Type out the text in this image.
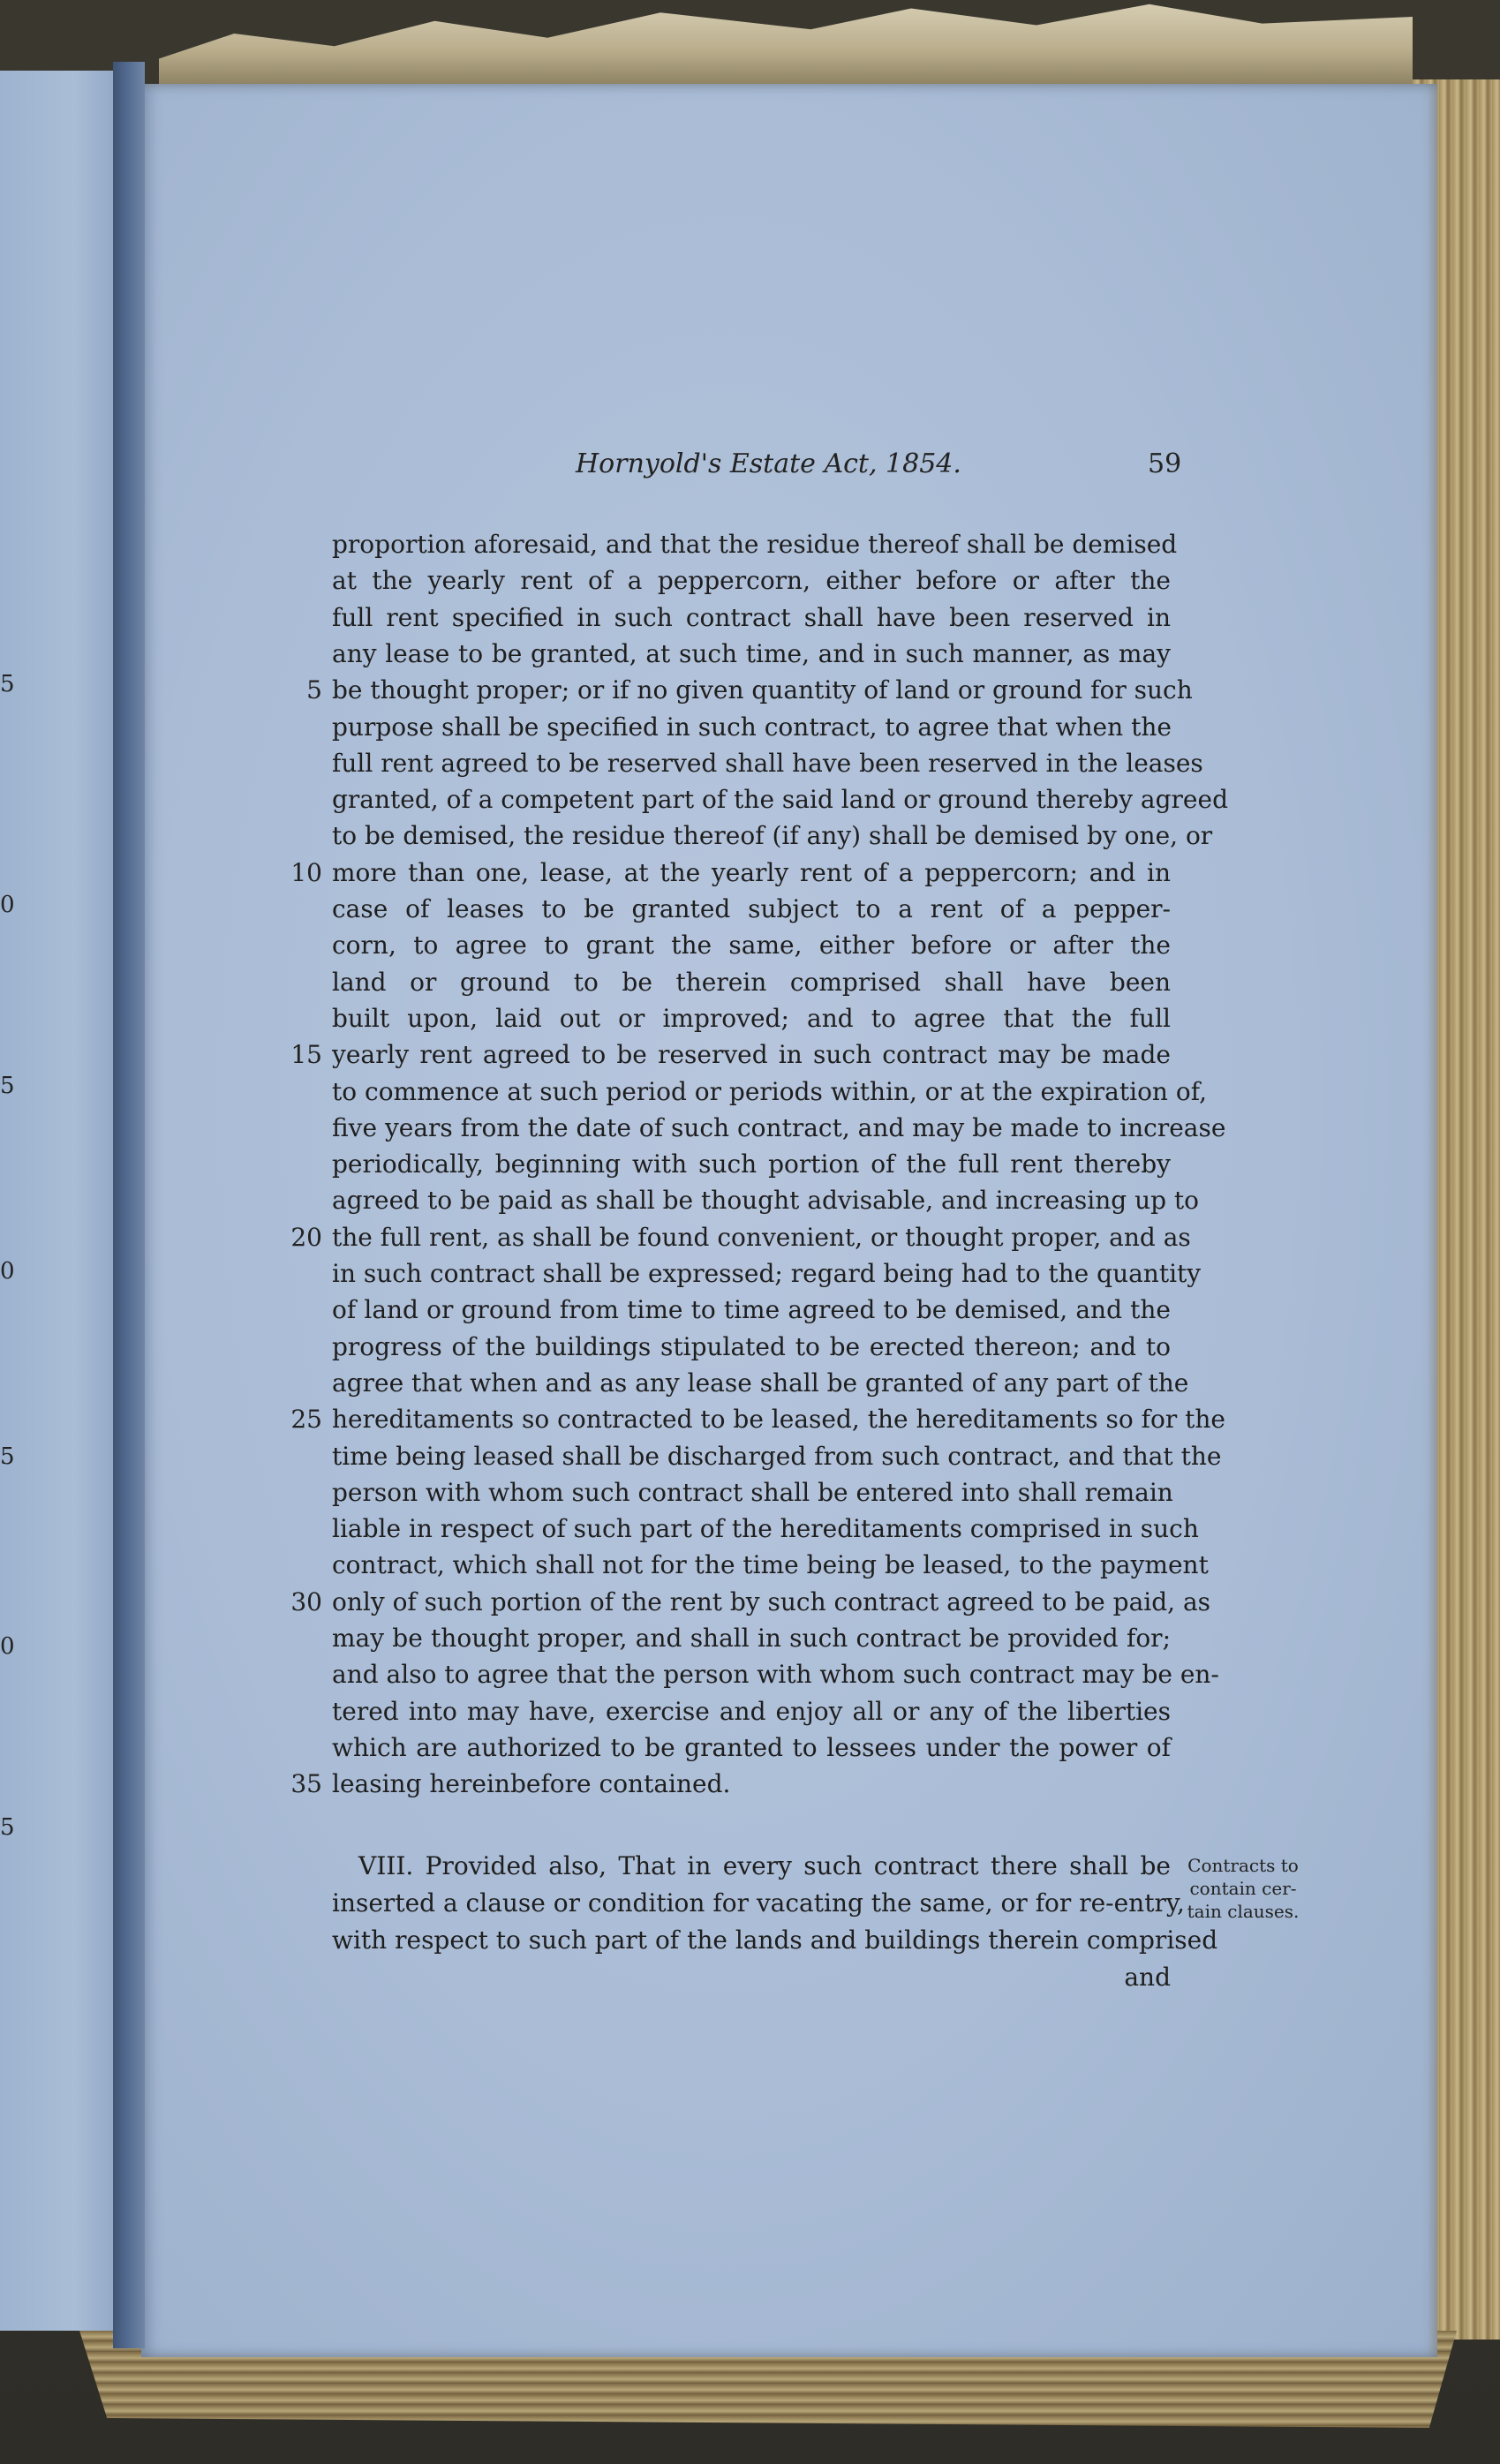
5
0
5
0
5
0
5
Hornyold's Estate Act, 1854.	59
proportion aforesaid, and that the residue thereof shall be demised
at the yearly rent of a peppercorn, either before or after the
full rent specified in such contract shall have been reserved in
any lease to be granted, at such time, and in such manner, as may
be thought proper; or if no given quantity of land or ground for such
5
purpose shall be specified in such contract, to agree that when the
full rent agreed to be reserved shall have been reserved in the leases
granted, of a competent part of the said land or ground thereby agreed
to be demised, the residue thereof (if any) shall be demised by one, or
more than one, lease, at the yearly rent of a peppercorn; and in
10
case of leases to be granted subject to a rent of a pepper-
corn, to agree to grant the same, either before or after the
land or ground to be therein comprised shall have been
built upon, laid out or improved; and to agree that the full
yearly rent agreed to be reserved in such contract may be made
15
to commence at such period or periods within, or at the expiration of,
five years from the date of such contract, and may be made to increase
periodically, beginning with such portion of the full rent thereby
agreed to be paid as shall be thought advisable, and increasing up to
the full rent, as shall be found convenient, or thought proper, and as
20
in such contract shall be expressed; regard being had to the quantity
of land or ground from time to time agreed to be demised, and the
progress of the buildings stipulated to be erected thereon; and to
agree that when and as any lease shall be granted of any part of the
hereditaments so contracted to be leased, the hereditaments so for the
25
time being leased shall be discharged from such contract, and that the
person with whom such contract shall be entered into shall remain
liable in respect of such part of the hereditaments comprised in such
contract, which shall not for the time being be leased, to the payment
only of such portion of the rent by such contract agreed to be paid, as
30
may be thought proper, and shall in such contract be provided for;
and also to agree that the person with whom such contract may be en-
tered into may have, exercise and enjoy all or any of the liberties
which are authorized to be granted to lessees under the power of
leasing hereinbefore contained.
35
VIII. Provided also, That in every such contract there shall be
inserted a clause or condition for vacating the same, or for re-entry,
with respect to such part of the lands and buildings therein comprised
and
Contracts to
contain cer-
tain clauses.
